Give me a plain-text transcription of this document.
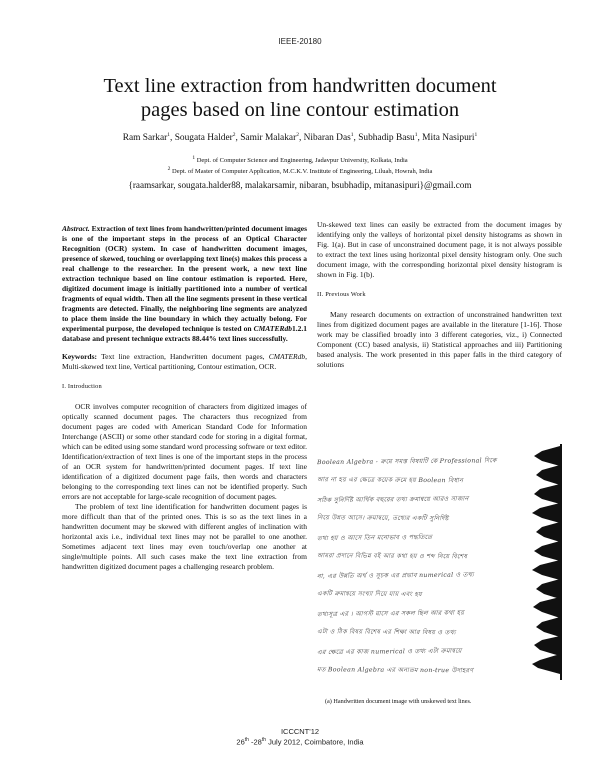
IEEE-20180
Text line extraction from handwritten document
pages based on line contour estimation

Ram Sarkar$^1$, Sougata Halder$^2$, Samir Malakar$^2$, Nibaran Das$^1$, Subhadip Basu$^1$, Mita Nasipuri$^1$

$^1$ Dept. of Computer Science and Engineering, Jadavpur University, Kolkata, India

$^2$ Dept. of Master of Computer Application, M.C.K.V. Institute of Engineering, Liluah, Howrah, India

{raamsarkar, sougata.halder88, malakarsamir, nibaran, bsubhadip, mitanasipuri}@gmail.com

Abstract. Extraction of text lines from handwritten/printed document images is one of the important steps in the process of an Optical Character Recognition (OCR) system. In case of handwritten document images, presence of skewed, touching or overlapping text line(s) makes this process a real challenge to the researcher. In the present work, a new text line extraction technique based on line contour estimation is reported. Here, digitized document image is initially partitioned into a number of vertical fragments of equal width. Then all the line segments present in these vertical fragments are detected. Finally, the neighboring line segments are analyzed to place them inside the line boundary in which they actually belong. For experimental purpose, the developed technique is tested on CMATERdb1.2.1 database and present technique extracts 88.44% text lines successfully.

Keywords: Text line extraction, Handwritten document pages, CMATERdb, Multi-skewed text line, Vertical partitioning, Contour estimation, OCR.

I. Introduction

OCR involves computer recognition of characters from digitized images of optically scanned document pages. The characters thus recognized from document pages are coded with American Standard Code for Information Interchange (ASCII) or some other standard code for storing in a digital format, which can be edited using some standard word processing software or text editor. Identification/extraction of text lines is one of the important steps in the process of an OCR system for handwritten/printed document pages. If text line identification of a digitized document page fails, then words and characters belonging to the corresponding text lines can not be identified properly. Such errors are not acceptable for large-scale recognition of document pages.

The problem of text line identification for handwritten document pages is more difficult than that of the printed ones. This is so as the text lines in a handwritten document may be skewed with different angles of inclination with horizontal axis i.e., individual text lines may not be parallel to one another. Sometimes adjacent text lines may even touch/overlap one another at single/multiple points. All such cases make the text line extraction from handwritten digitized document pages a challenging research problem.

Un-skewed text lines can easily be extracted from the document images by identifying only the valleys of horizontal pixel density histograms as shown in Fig. 1(a). But in case of unconstrained document page, it is not always possible to extract the text lines using horizontal pixel density histogram only. One such document image, with the corresponding horizontal pixel density histogram is shown in Fig. 1(b).

II. Previous Work

Many research documents on extraction of unconstrained handwritten text lines from digitized document pages are available in the literature [1-16]. Those work may be classified broadly into 3 different categories, viz., i) Connected Component (CC) based analysis, ii) Statistical approaches and iii) Partitioning based analysis. The work presented in this paper falls in the third category of solutions

Boolean Algebra - ক্রমে সমস্ত বিষয়টি কে Professional দিকে
আর না হয় এর ক্ষেত্রে কয়েক ক্রমে হয় Boolean বিধান
সঠিক সুনির্দিষ্ট আর্থিক বছরের তথ্য ক্রমান্বয়ে আরও সাজান
নিয়ে উন্নত আসে। ক্রমান্বয়ে, তথ্যের একটি সুনির্দিষ্ট
তথ্য হয় ও আসে তিন মনোভাব ও পদ্ধতিতে
আমরা প্রদানে বিভিন্ন বই আর কথা হয় ও শব্দ নিয়ে বিশেষ
না, এর উন্নতি অর্থ ও সূচক এর প্রভাব numerical ও তথ্য
একটি ক্রমান্বয়ে সংখ্যা দিয়ে যায় এবং হয়
তথ্যসূত্র এর । আগস্ট মাসে এর সকল ছিল আর কথা হয়
এটা ও ঠিক বিষয় বিশেষ এর শিক্ষা আর বিষয় ও তথ্য
এর ক্ষেত্রে এর কাজ numerical ও তথ্য এটা ক্রমান্বয়ে
মত Boolean Algebra এর অন্যতম non-true উদাহরণ
(a) Handwritten document image with unskewed text lines.
ICCCNT'12
26th -28th July 2012, Coimbatore, India
